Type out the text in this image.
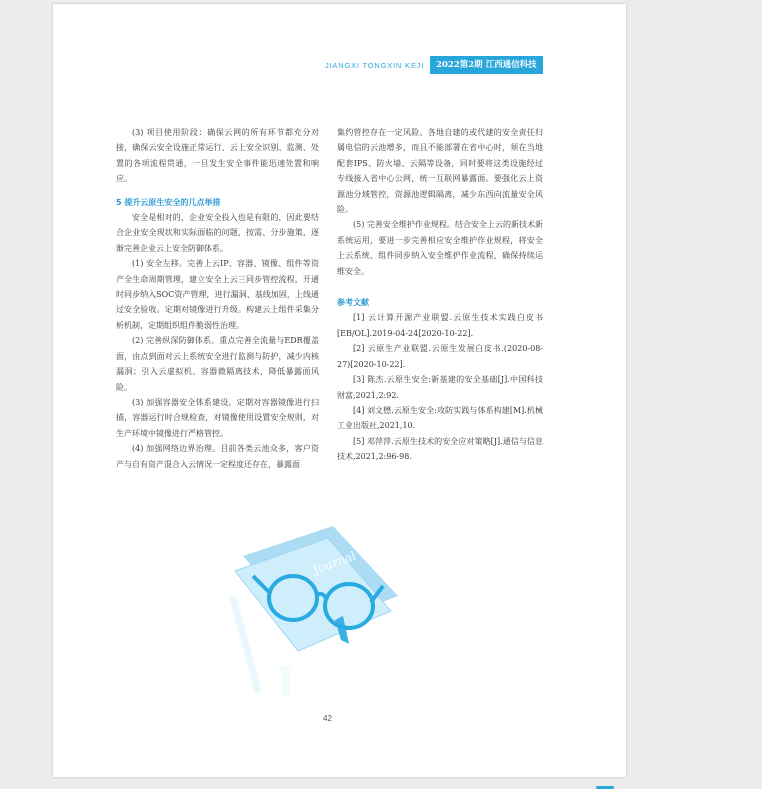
JIANGXI TONGXIN KEJI	2022第2期 江西通信科技

(3) 项目使用阶段：确保云网的所有环节都充分对接，确保云安全设施正常运行、云上安全识别、监测、处置的各项流程贯通，一旦发生安全事件能迅速处置和响应。

5 提升云原生安全的几点举措

安全是相对的，企业安全投入也是有限的，因此要结合企业安全现状和实际面临的问题，按需、分步施策，逐渐完善企业云上安全防御体系。

(1) 安全左移。完善上云IP、容器、镜像、组件等资产全生命周期管理，建立安全上云三同步管控流程，开通时同步纳入SOC资产管理，进行漏洞、基线加固，上线通过安全验收。定期对镜像进行升级。构建云上组件采集分析机制，定期组织组件脆弱性治理。

(2) 完善纵深防御体系。重点完善全流量与EDR覆盖面，由点到面对云上系统安全进行监测与防护，减少内核漏洞；引入云虚拟机、容器微隔离技术，降低暴露面风险。

(3) 加强容器安全体系建设。定期对容器镜像进行扫描，容器运行时合规检查，对镜像使用设置安全规则，对生产环境中镜像进行严格管控。

(4) 加强网络边界治理。目前各类云池众多，客户资产与自有资产混合入云情况一定程度还存在，暴露面

集约管控存在一定风险。各地自建的或代建的安全责任归属电信的云池增多，而且不能部署在省中心时，须在当地配套IPS、防火墙、云隔等设备，同时要将这类设施经过专线接入省中心公网，统一互联网暴露面。要强化云上资源池分域管控，资源池逻辑隔离，减少东西向流量安全风险。

(5) 完善安全维护作业规程。结合安全上云的新技术新系统运用，要进一步完善相应安全维护作业规程，将安全上云系统、组件同步纳入安全维护作业流程，确保持续运维安全。

参考文献

[1] 云计算开源产业联盟.云原生技术实践白皮书[EB/OL].2019-04-24[2020-10-22].

[2] 云原生产业联盟.云原生发展白皮书.(2020-08-27)[2020-10-22].

[3] 陈杰.云原生安全:新基建的安全基础[J].中国科技财富,2021,2:92.

[4] 刘文懋.云原生安全:攻防实践与体系构建[M].机械工业出版社,2021,10.

[5] 邓萍萍.云原生技术的安全应对策略[J].通信与信息技术,2021,2:96-98.

Journal
42
